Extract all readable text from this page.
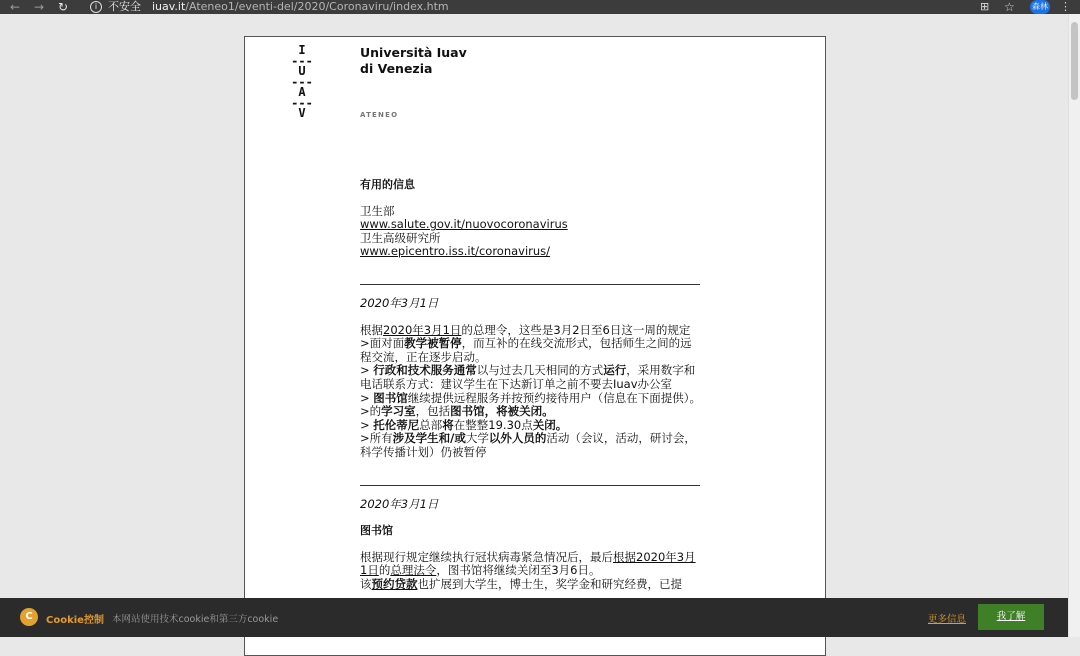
← → ↻	i 不安全 iuav.it/Ateneo1/eventi-del/2020/Coronaviru/index.htm	⊞ ☆ 森林 ⋮
I
---
U
---
A
---
V
Università Iuav
di Venezia
ATENEO
有用的信息
卫生部
www.salute.gov.it/nuovocoronavirus
卫生高级研究所
www.epicentro.iss.it/coronavirus/
2020年3月1日
根据2020年3月1日的总理令，这些是3月2日至6日这一周的规定
>面对面教学被暂停，而互补的在线交流形式，包括师生之间的远程交流，正在逐步启动。
> 行政和技术服务通常以与过去几天相同的方式运行，采用数字和电话联系方式：建议学生在下达新订单之前不要去Iuav办公室
> 图书馆继续提供远程服务并按预约接待用户（信息在下面提供）。
>的学习室，包括图书馆，将被关闭。
> 托伦蒂尼总部将在整整19.30点关闭。
>所有涉及学生和/或大学以外人员的活动（会议，活动，研讨会，科学传播计划）仍被暂停
2020年3月1日
图书馆
根据现行规定继续执行冠状病毒紧急情况后，最后根据2020年3月1日的总理法令，图书馆将继续关闭至3月6日。
该预约贷款也扩展到大学生，博士生，奖学金和研究经费，已提
C	Cookie控制 本网站使用技术cookie和第三方cookie	更多信息	我了解
